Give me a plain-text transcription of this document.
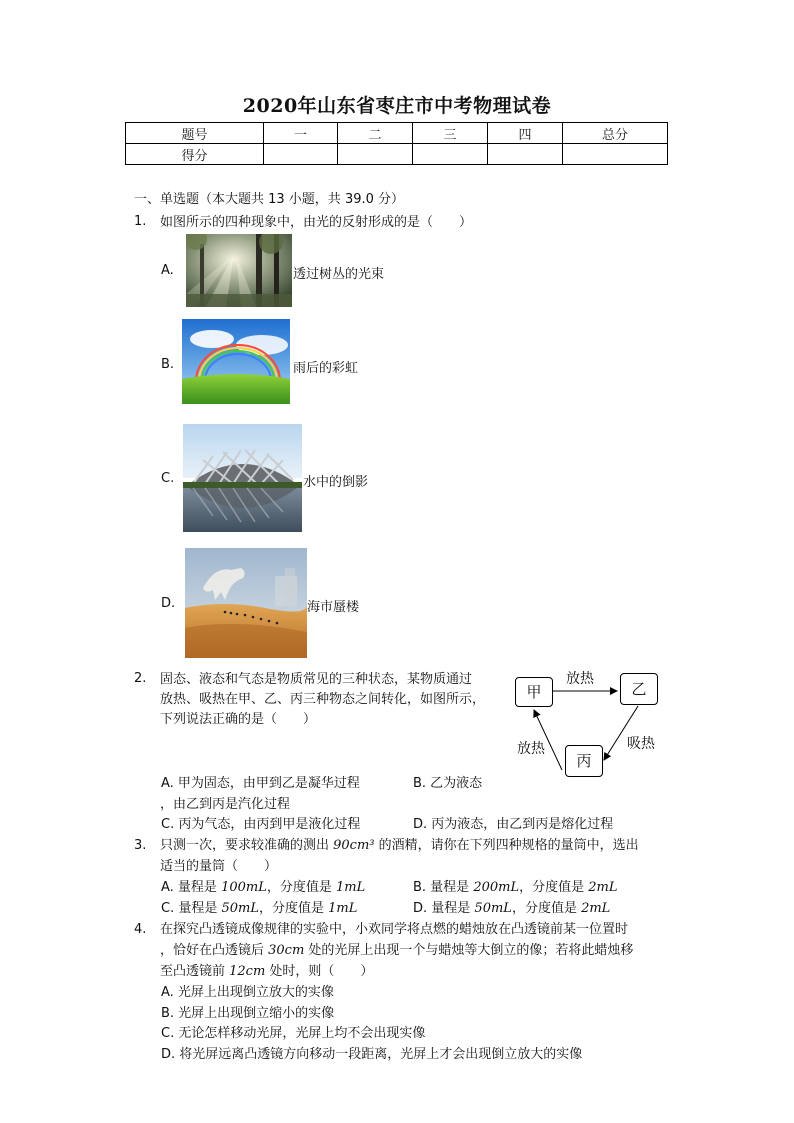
2020年山东省枣庄市中考物理试卷
题号	一	二	三	四	总分
得分					
一、单选题（本大题共 13 小题，共 39.0 分）
1. 如图所示的四种现象中，由光的反射形成的是（　　）
A.	透过树丛的光束
B.	雨后的彩虹
C.	水中的倒影
D.	海市蜃楼
2. 固态、液态和气态是物质常见的三种状态，某物质通过
放热、吸热在甲、乙、丙三种物态之间转化，如图所示，
下列说法正确的是（　　）
甲	乙
丙
放热
吸热
放热
A. 甲为固态，由甲到乙是凝华过程	B. 乙为液态
，由乙到丙是汽化过程
C. 丙为气态，由丙到甲是液化过程	D. 丙为液态，由乙到丙是熔化过程
3. 只测一次，要求较准确的测出 90cm³ 的酒精，请你在下列四种规格的量筒中，选出
适当的量筒（　　）
A. 量程是 100mL，分度值是 1mL	B. 量程是 200mL，分度值是 2mL
C. 量程是 50mL，分度值是 1mL	D. 量程是 50mL，分度值是 2mL
4. 在探究凸透镜成像规律的实验中，小欢同学将点燃的蜡烛放在凸透镜前某一位置时
，恰好在凸透镜后 30cm 处的光屏上出现一个与蜡烛等大倒立的像；若将此蜡烛移
至凸透镜前 12cm 处时，则（　　）
A. 光屏上出现倒立放大的实像
B. 光屏上出现倒立缩小的实像
C. 无论怎样移动光屏，光屏上均不会出现实像
D. 将光屏远离凸透镜方向移动一段距离，光屏上才会出现倒立放大的实像
